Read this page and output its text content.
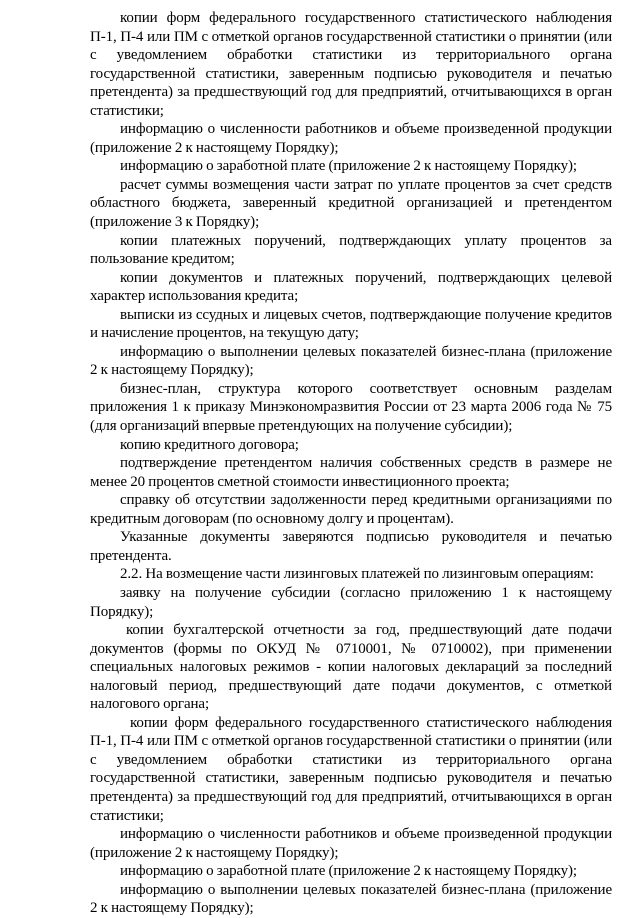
копии форм федерального государственного статистического наблюдения П-1, П-4 или ПМ с отметкой органов государственной статистики о принятии (или с уведомлением обработки статистики из территориального органа государственной статистики, заверенным подписью руководителя и печатью претендента) за предшествующий год для предприятий, отчитывающихся в орган статистики;

информацию о численности работников и объеме произведенной продукции (приложение 2 к настоящему Порядку);

информацию о заработной плате (приложение 2 к настоящему Порядку);

расчет суммы возмещения части затрат по уплате процентов за счет средств областного бюджета, заверенный кредитной организацией и претендентом (приложение 3 к Порядку);

копии платежных поручений, подтверждающих уплату процентов за пользование кредитом;

копии документов и платежных поручений, подтверждающих целевой характер использования кредита;

выписки из ссудных и лицевых счетов, подтверждающие получение кредитов и начисление процентов, на текущую дату;

информацию о выполнении целевых показателей бизнес-плана (приложение 2 к настоящему Порядку);

бизнес-план, структура которого соответствует основным разделам приложения 1 к приказу Минэкономразвития России от 23 марта 2006 года № 75 (для организаций впервые претендующих на получение субсидии);

копию кредитного договора;

подтверждение претендентом наличия собственных средств в размере не менее 20 процентов сметной стоимости инвестиционного проекта;

справку об отсутствии задолженности перед кредитными организациями по кредитным договорам (по основному долгу и процентам).

Указанные документы заверяются подписью руководителя и печатью претендента.

2.2. На возмещение части лизинговых платежей по лизинговым операциям:

заявку на получение субсидии (согласно приложению 1 к настоящему Порядку);

копии бухгалтерской отчетности за год, предшествующий дате подачи документов (формы по ОКУД № 0710001, № 0710002), при применении специальных налоговых режимов - копии налоговых деклараций за последний налоговый период, предшествующий дате подачи документов, с отметкой налогового органа;

копии форм федерального государственного статистического наблюдения П-1, П-4 или ПМ с отметкой органов государственной статистики о принятии (или с уведомлением обработки статистики из территориального органа государственной статистики, заверенным подписью руководителя и печатью претендента) за предшествующий год для предприятий, отчитывающихся в орган статистики;

информацию о численности работников и объеме произведенной продукции (приложение 2 к настоящему Порядку);

информацию о заработной плате (приложение 2 к настоящему Порядку);

информацию о выполнении целевых показателей бизнес-плана (приложение 2 к настоящему Порядку);
